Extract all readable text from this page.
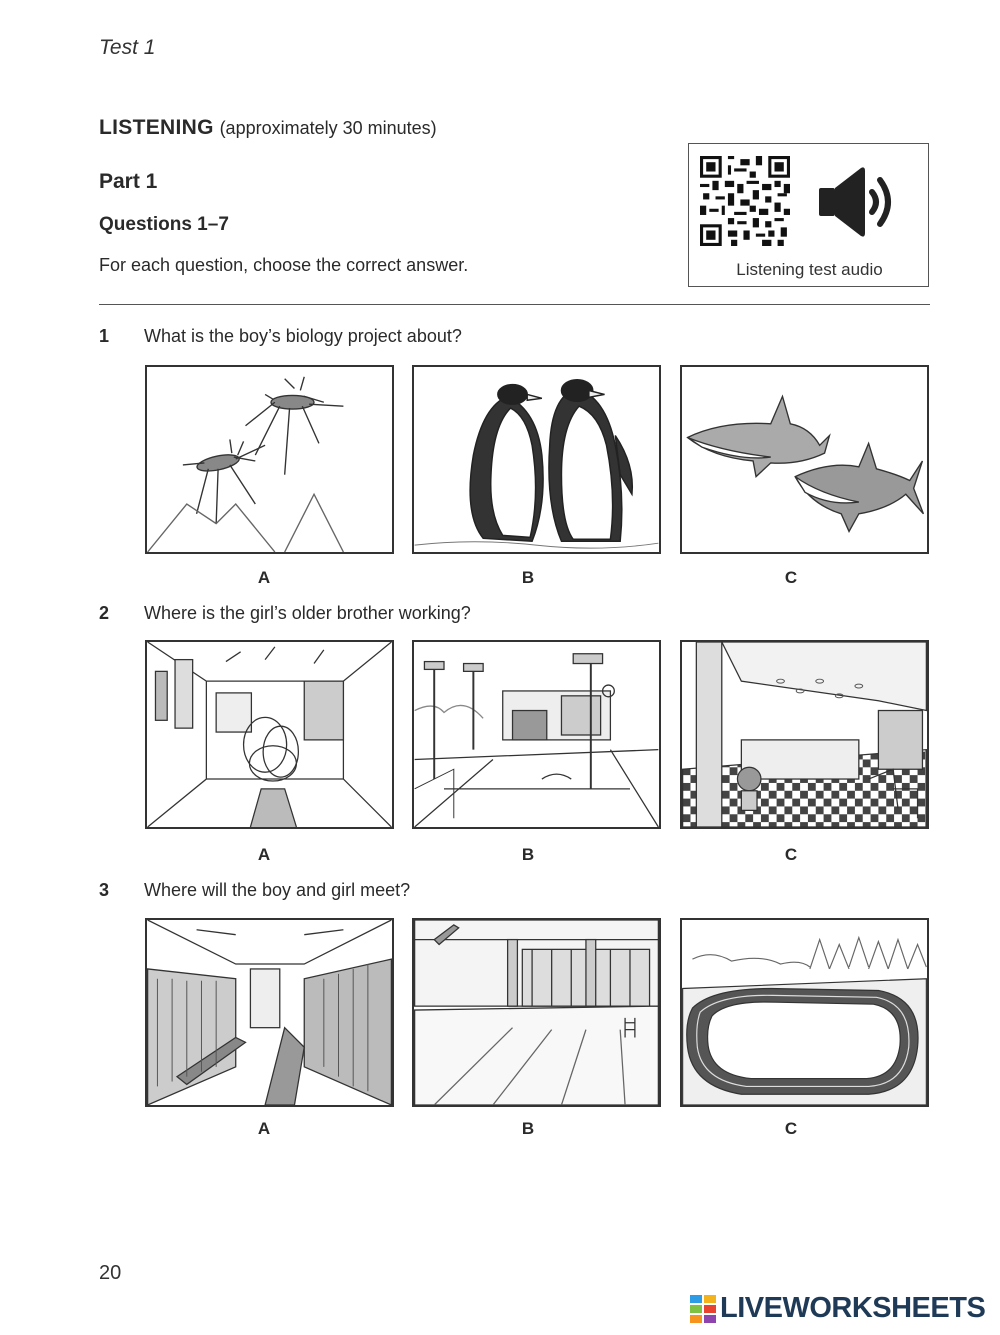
Test 1
LISTENING (approximately 30 minutes)
Part 1
Questions 1–7
For each question, choose the correct answer.	Listening test audio
1 What is the boy’s biology project about?
A	B	C
2 Where is the girl’s older brother working?
A	B	C
3 Where will the boy and girl meet?
A	B	C
20
LIVEWORKSHEETS
